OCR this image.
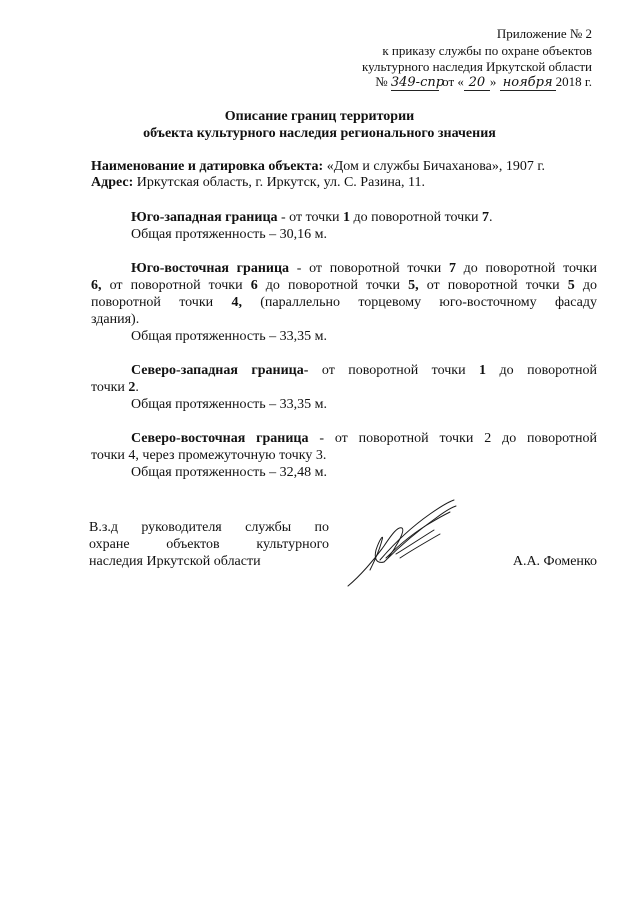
Приложение № 2
к приказу службы по охране объектов
культурного наследия Иркутской области
№ 349-спр от « 20 » ноября 2018 г.
Описание границ территории
объекта культурного наследия регионального значения
Наименование и датировка объекта: «Дом и службы Бичаханова», 1907 г.
Адрес: Иркутская область, г. Иркутск, ул. С. Разина, 11.
Юго-западная граница - от точки 1 до поворотной точки 7.
Общая протяженность – 30,16 м.
Юго-восточная граница - от поворотной точки 7 до поворотной точки
6, от поворотной точки 6 до поворотной точки 5, от поворотной точки 5 до
поворотной точки 4, (параллельно торцевому юго-восточному фасаду
здания).
Общая протяженность – 33,35 м.
Северо-западная граница- от поворотной точки 1 до поворотной
точки 2.
Общая протяженность – 33,35 м.
Северо-восточная граница - от поворотной точки 2 до поворотной
точки 4, через промежуточную точку 3.
Общая протяженность – 32,48 м.
В.з.д руководителя службы по
охране объектов культурного
наследия Иркутской области	А.А. Фоменко
